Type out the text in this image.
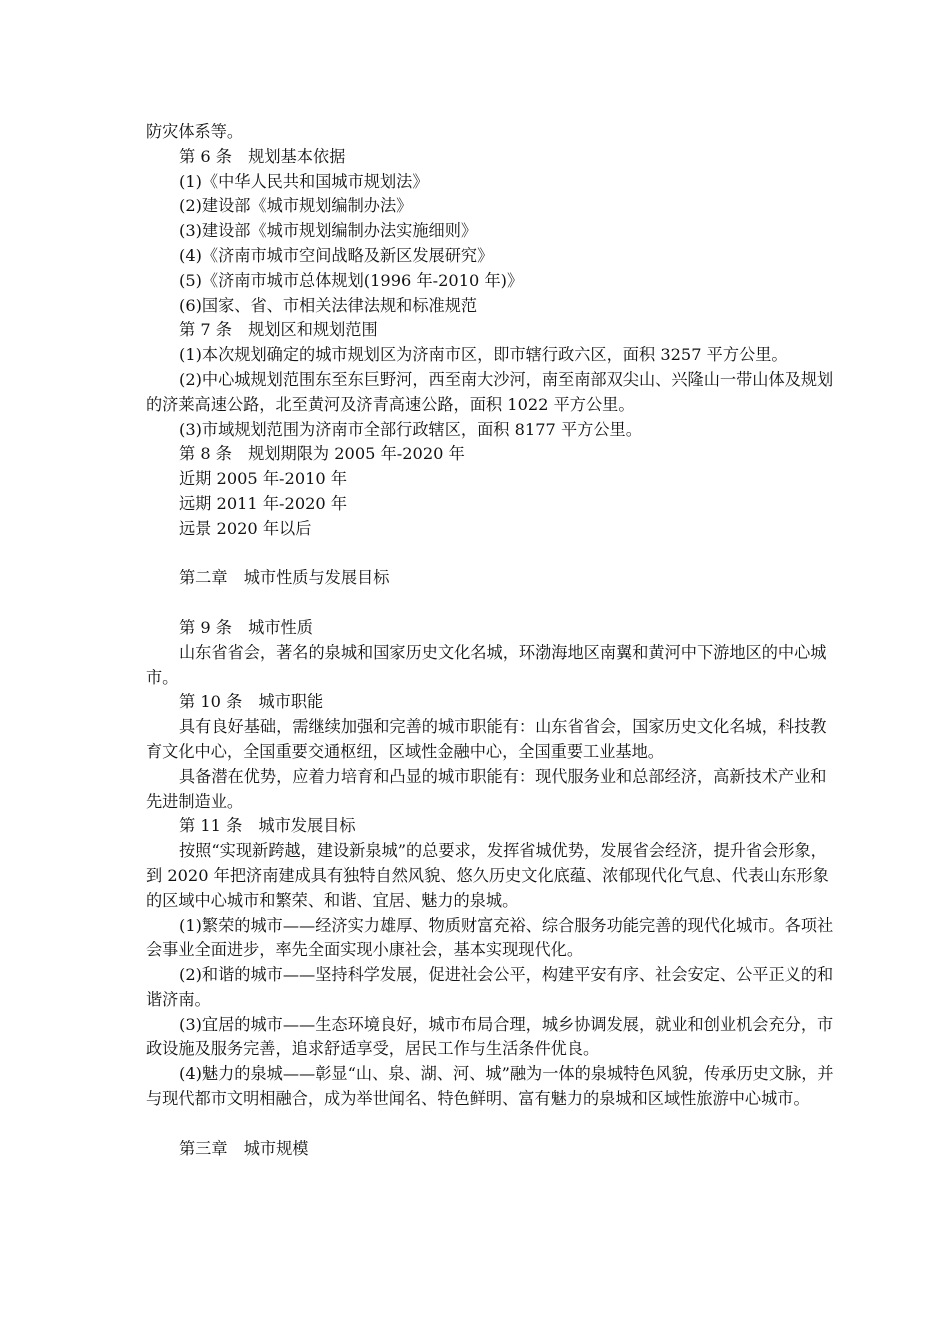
防灾体系等。

第 6 条　规划基本依据

(1)《中华人民共和国城市规划法》

(2)建设部《城市规划编制办法》

(3)建设部《城市规划编制办法实施细则》

(4)《济南市城市空间战略及新区发展研究》

(5)《济南市城市总体规划(1996 年-2010 年)》

(6)国家、省、市相关法律法规和标准规范

第 7 条　规划区和规划范围

(1)本次规划确定的城市规划区为济南市区，即市辖行政六区，面积 3257 平方公里。

(2)中心城规划范围东至东巨野河，西至南大沙河，南至南部双尖山、兴隆山一带山体及规划的济莱高速公路，北至黄河及济青高速公路，面积 1022 平方公里。

(3)市域规划范围为济南市全部行政辖区，面积 8177 平方公里。

第 8 条　规划期限为 2005 年-2020 年

近期 2005 年-2010 年

远期 2011 年-2020 年

远景 2020 年以后

第二章　城市性质与发展目标

第 9 条　城市性质

山东省省会，著名的泉城和国家历史文化名城，环渤海地区南翼和黄河中下游地区的中心城市。

第 10 条　城市职能

具有良好基础，需继续加强和完善的城市职能有：山东省省会，国家历史文化名城，科技教育文化中心，全国重要交通枢纽，区域性金融中心，全国重要工业基地。

具备潜在优势，应着力培育和凸显的城市职能有：现代服务业和总部经济，高新技术产业和先进制造业。

第 11 条　城市发展目标

按照“实现新跨越，建设新泉城”的总要求，发挥省城优势，发展省会经济，提升省会形象，到 2020 年把济南建成具有独特自然风貌、悠久历史文化底蕴、浓郁现代化气息、代表山东形象的区域中心城市和繁荣、和谐、宜居、魅力的泉城。

(1)繁荣的城市——经济实力雄厚、物质财富充裕、综合服务功能完善的现代化城市。各项社会事业全面进步，率先全面实现小康社会，基本实现现代化。

(2)和谐的城市——坚持科学发展，促进社会公平，构建平安有序、社会安定、公平正义的和谐济南。

(3)宜居的城市——生态环境良好，城市布局合理，城乡协调发展，就业和创业机会充分，市政设施及服务完善，追求舒适享受，居民工作与生活条件优良。

(4)魅力的泉城——彰显“山、泉、湖、河、城”融为一体的泉城特色风貌，传承历史文脉，并与现代都市文明相融合，成为举世闻名、特色鲜明、富有魅力的泉城和区域性旅游中心城市。

第三章　城市规模
